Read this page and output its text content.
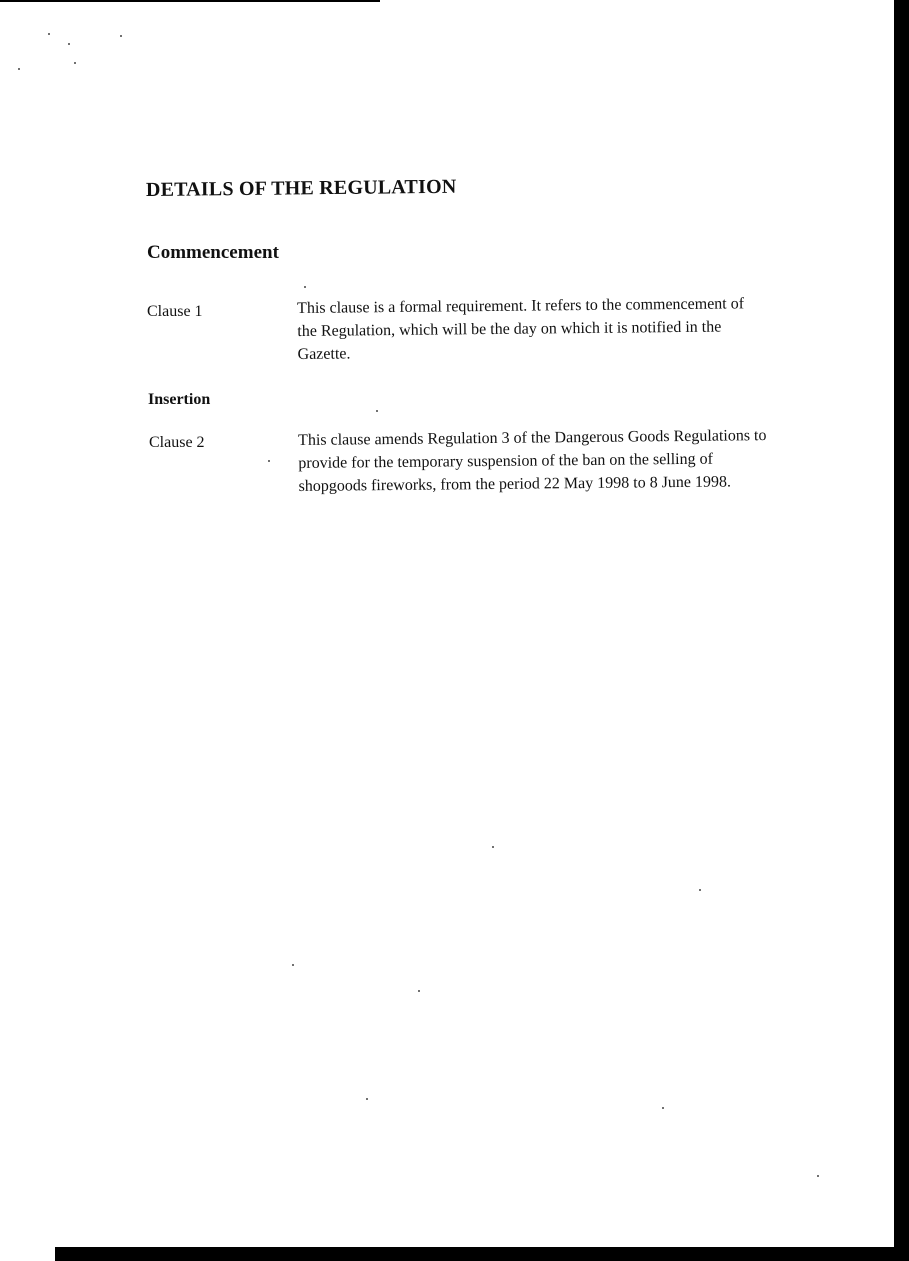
DETAILS OF THE REGULATION
Commencement

Clause 1	This clause is a formal requirement. It refers to the commencement of the Regulation, which will be the day on which it is notified in the Gazette.

Insertion

Clause 2	This clause amends Regulation 3 of the Dangerous Goods Regulations to provide for the temporary suspension of the ban on the selling of shopgoods fireworks, from the period 22 May 1998 to 8 June 1998.
